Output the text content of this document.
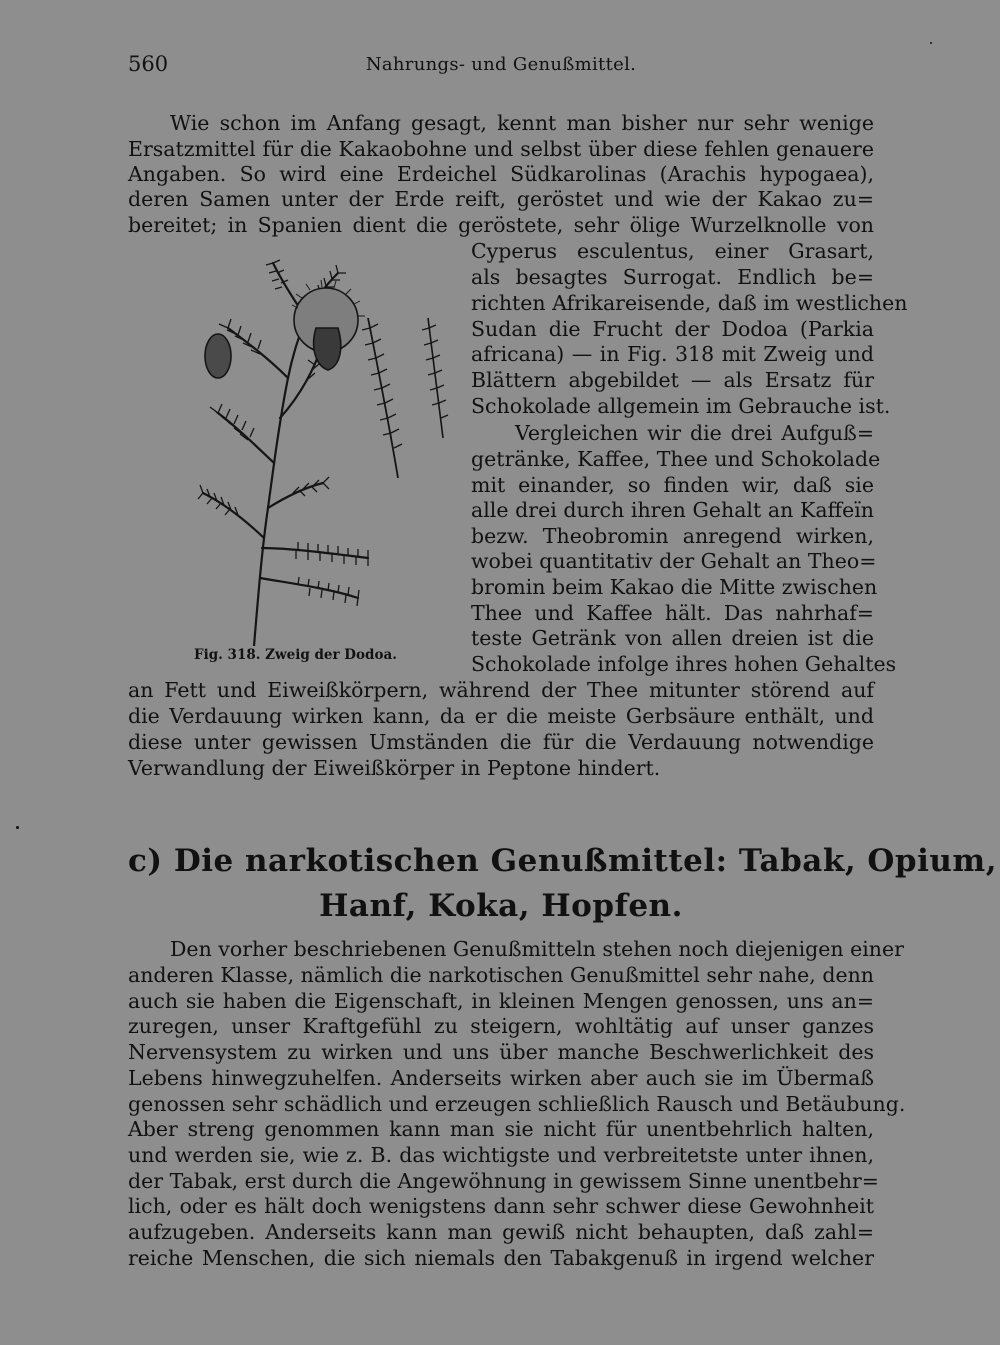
560	Nahrungs- und Genußmittel.
Wie schon im Anfang gesagt, kennt man bisher nur sehr wenige
Ersatzmittel für die Kakaobohne und selbst über diese fehlen genauere
Angaben. So wird eine Erdeichel Südkarolinas (Arachis hypogaea),
deren Samen unter der Erde reift, geröstet und wie der Kakao zu=
bereitet; in Spanien dient die geröstete, sehr ölige Wurzelknolle von
Cyperus esculentus, einer Grasart,
als besagtes Surrogat. Endlich be=
richten Afrikareisende, daß im westlichen
Sudan die Frucht der Dodoa (Parkia
africana) — in Fig. 318 mit Zweig und
Blättern abgebildet — als Ersatz für
Schokolade allgemein im Gebrauche ist.
Vergleichen wir die drei Aufguß=
getränke, Kaffee, Thee und Schokolade
mit einander, so finden wir, daß sie
alle drei durch ihren Gehalt an Kaffeïn
bezw. Theobromin anregend wirken,
wobei quantitativ der Gehalt an Theo=
bromin beim Kakao die Mitte zwischen
Thee und Kaffee hält. Das nahrhaf=
teste Getränk von allen dreien ist die
Schokolade infolge ihres hohen Gehaltes
an Fett und Eiweißkörpern, während der Thee mitunter störend auf
die Verdauung wirken kann, da er die meiste Gerbsäure enthält, und
diese unter gewissen Umständen die für die Verdauung notwendige
Verwandlung der Eiweißkörper in Peptone hindert.
Fig. 318. Zweig der Dodoa.
c) Die narkotischen Genußmittel: Tabak, Opium,
Hanf, Koka, Hopfen.
Den vorher beschriebenen Genußmitteln stehen noch diejenigen einer
anderen Klasse, nämlich die narkotischen Genußmittel sehr nahe, denn
auch sie haben die Eigenschaft, in kleinen Mengen genossen, uns an=
zuregen, unser Kraftgefühl zu steigern, wohltätig auf unser ganzes
Nervensystem zu wirken und uns über manche Beschwerlichkeit des
Lebens hinwegzuhelfen. Anderseits wirken aber auch sie im Übermaß
genossen sehr schädlich und erzeugen schließlich Rausch und Betäubung.
Aber streng genommen kann man sie nicht für unentbehrlich halten,
und werden sie, wie z. B. das wichtigste und verbreitetste unter ihnen,
der Tabak, erst durch die Angewöhnung in gewissem Sinne unentbehr=
lich, oder es hält doch wenigstens dann sehr schwer diese Gewohnheit
aufzugeben. Anderseits kann man gewiß nicht behaupten, daß zahl=
reiche Menschen, die sich niemals den Tabakgenuß in irgend welcher
